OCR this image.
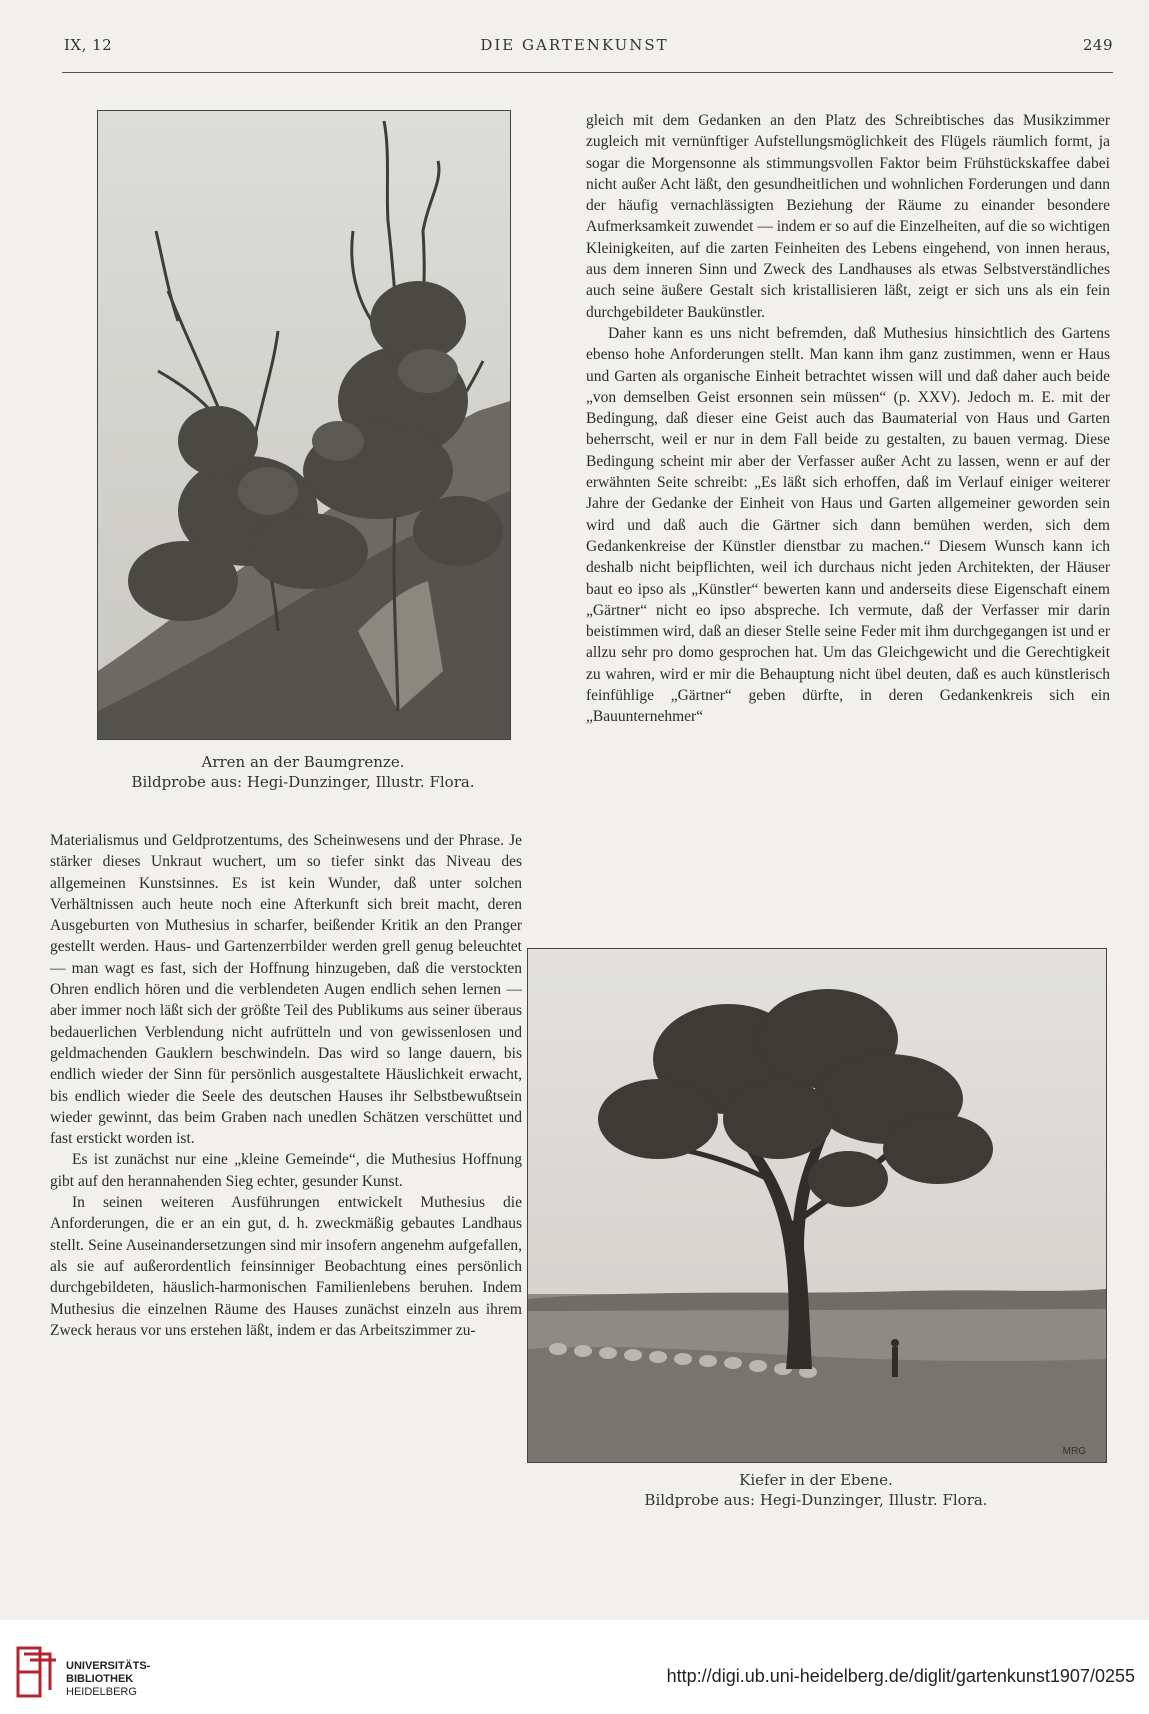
IX, 12	DIE GARTENKUNST	249
Arren an der Baumgrenze.
Bildprobe aus: Hegi-Dunzinger, Illustr. Flora.

Materialismus und Geldprotzentums, des Scheinwesens und der Phrase. Je stärker dieses Unkraut wuchert, um so tiefer sinkt das Niveau des allgemeinen Kunstsinnes. Es ist kein Wunder, daß unter solchen Verhältnissen auch heute noch eine Afterkunft sich breit macht, deren Ausgeburten von Muthesius in scharfer, beißender Kritik an den Pranger gestellt werden. Haus- und Gartenzerrbilder werden grell genug beleuchtet — man wagt es fast, sich der Hoffnung hinzugeben, daß die verstockten Ohren endlich hören und die verblendeten Augen endlich sehen lernen — aber immer noch läßt sich der größte Teil des Publikums aus seiner überaus bedauerlichen Verblendung nicht aufrütteln und von gewissenlosen und geldmachenden Gauklern beschwindeln. Das wird so lange dauern, bis endlich wieder der Sinn für persönlich ausgestaltete Häuslichkeit erwacht, bis endlich wieder die Seele des deutschen Hauses ihr Selbstbewußtsein wieder gewinnt, das beim Graben nach unedlen Schätzen verschüttet und fast erstickt worden ist.

Es ist zunächst nur eine „kleine Gemeinde“, die Muthesius Hoffnung gibt auf den herannahenden Sieg echter, gesunder Kunst.

In seinen weiteren Ausführungen entwickelt Muthesius die Anforderungen, die er an ein gut, d. h. zweckmäßig gebautes Landhaus stellt. Seine Auseinandersetzungen sind mir insofern angenehm aufgefallen, als sie auf außerordentlich feinsinniger Beobachtung eines persönlich durchgebildeten, häuslich-harmonischen Familienlebens beruhen. Indem Muthesius die einzelnen Räume des Hauses zunächst einzeln aus ihrem Zweck heraus vor uns erstehen läßt, indem er das Arbeitszimmer zu-

gleich mit dem Gedanken an den Platz des Schreibtisches das Musikzimmer zugleich mit vernünftiger Aufstellungsmöglichkeit des Flügels räumlich formt, ja sogar die Morgensonne als stimmungsvollen Faktor beim Frühstückskaffee dabei nicht außer Acht läßt, den gesundheitlichen und wohnlichen Forderungen und dann der häufig vernachlässigten Beziehung der Räume zu einander besondere Aufmerksamkeit zuwendet — indem er so auf die Einzelheiten, auf die so wichtigen Kleinigkeiten, auf die zarten Feinheiten des Lebens eingehend, von innen heraus, aus dem inneren Sinn und Zweck des Landhauses als etwas Selbstverständliches auch seine äußere Gestalt sich kristallisieren läßt, zeigt er sich uns als ein fein durchgebildeter Baukünstler.

Daher kann es uns nicht befremden, daß Muthesius hinsichtlich des Gartens ebenso hohe Anforderungen stellt. Man kann ihm ganz zustimmen, wenn er Haus und Garten als organische Einheit betrachtet wissen will und daß daher auch beide „von demselben Geist ersonnen sein müssen“ (p. XXV). Jedoch m. E. mit der Bedingung, daß dieser eine Geist auch das Baumaterial von Haus und Garten beherrscht, weil er nur in dem Fall beide zu gestalten, zu bauen vermag. Diese Bedingung scheint mir aber der Verfasser außer Acht zu lassen, wenn er auf der erwähnten Seite schreibt: „Es läßt sich erhoffen, daß im Verlauf einiger weiterer Jahre der Gedanke der Einheit von Haus und Garten allgemeiner geworden sein wird und daß auch die Gärtner sich dann bemühen werden, sich dem Gedankenkreise der Künstler dienstbar zu machen.“ Diesem Wunsch kann ich deshalb nicht beipflichten, weil ich durchaus nicht jeden Architekten, der Häuser baut eo ipso als „Künstler“ bewerten kann und anderseits diese Eigenschaft einem „Gärtner“ nicht eo ipso abspreche. Ich vermute, daß der Verfasser mir darin beistimmen wird, daß an dieser Stelle seine Feder mit ihm durchgegangen ist und er allzu sehr pro domo gesprochen hat. Um das Gleichgewicht und die Gerechtigkeit zu wahren, wird er mir die Behauptung nicht übel deuten, daß es auch künstlerisch feinfühlige „Gärtner“ geben dürfte, in deren Gedankenkreis sich ein „Bauunternehmer“

MRG
Kiefer in der Ebene.
Bildprobe aus: Hegi-Dunzinger, Illustr. Flora.
UNIVERSITÄTS-
BIBLIOTHEK
HEIDELBERG
http://digi.ub.uni-heidelberg.de/diglit/gartenkunst1907/0255
